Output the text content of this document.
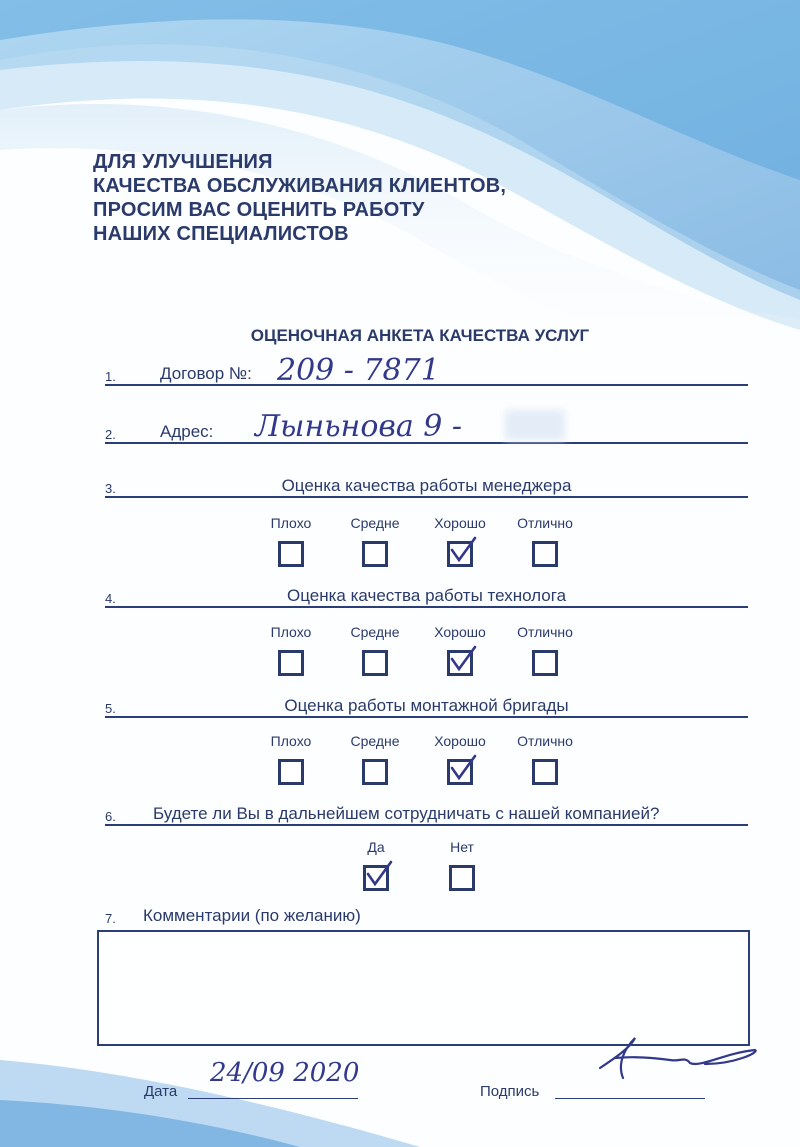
ДЛЯ УЛУЧШЕНИЯ
КАЧЕСТВА ОБСЛУЖИВАНИЯ КЛИЕНТОВ,
ПРОСИМ ВАС ОЦЕНИТЬ РАБОТУ
НАШИХ СПЕЦИАЛИСТОВ
ОЦЕНОЧНАЯ АНКЕТА КАЧЕСТВА УСЛУГ
1.	Договор №: 209 - 7871
2.	Адрес: Лыньнова 9 -
3.	Оценка качества работы менеджера
Плохо	Средне	Хорошо	Отлично
4.	Оценка качества работы технолога
Плохо	Средне	Хорошо	Отлично
5.	Оценка работы монтажной бригады
Плохо	Средне	Хорошо	Отлично
6. Будете ли Вы в дальнейшем сотрудничать с нашей компанией?
Да	Нет
7. Комментарии (по желанию)
Дата
24/09 2020
Подпись
